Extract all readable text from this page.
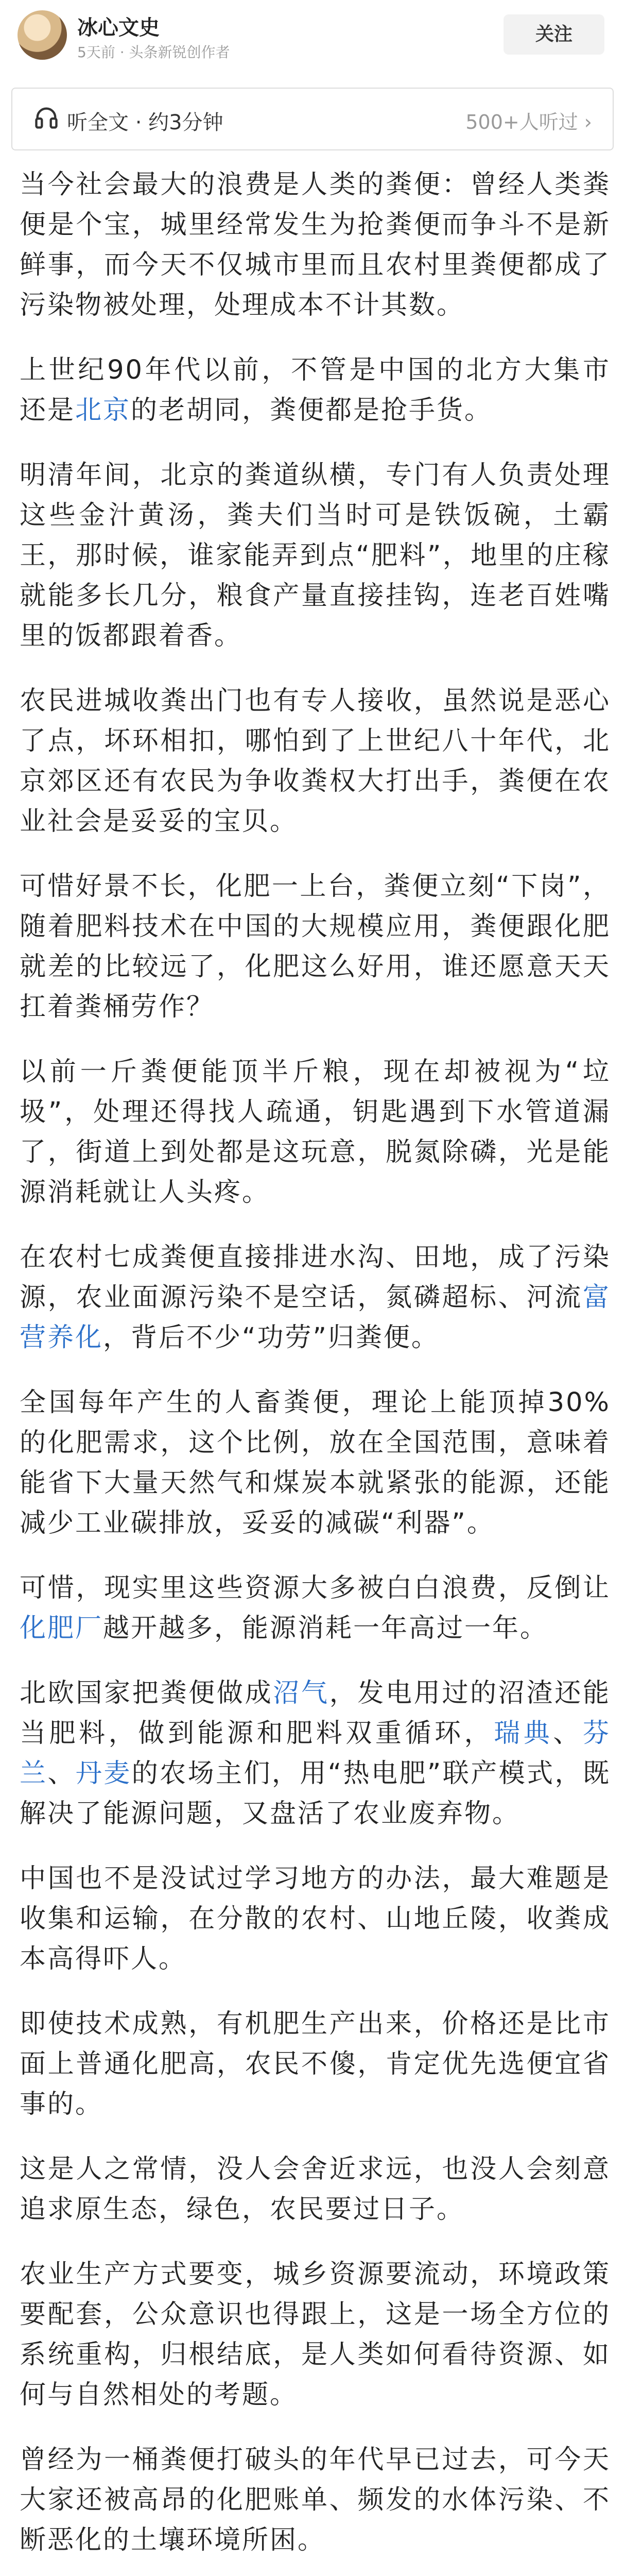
冰心文史
5天前 · 头条新锐创作者
关注
听全文 · 约3分钟	500+人听过 ›

当今社会最大的浪费是人类的粪便：曾经人类粪便是个宝，城里经常发生为抢粪便而争斗不是新鲜事，而今天不仅城市里而且农村里粪便都成了污染物被处理，处理成本不计其数。

上世纪90年代以前，不管是中国的北方大集市还是北京的老胡同，粪便都是抢手货。

明清年间，北京的粪道纵横，专门有人负责处理这些金汁黄汤，粪夫们当时可是铁饭碗，土霸王，那时候，谁家能弄到点“肥料”，地里的庄稼就能多长几分，粮食产量直接挂钩，连老百姓嘴里的饭都跟着香。

农民进城收粪出门也有专人接收，虽然说是恶心了点，坏环相扣，哪怕到了上世纪八十年代，北京郊区还有农民为争收粪权大打出手，粪便在农业社会是妥妥的宝贝。

可惜好景不长，化肥一上台，粪便立刻“下岗”，随着肥料技术在中国的大规模应用，粪便跟化肥就差的比较远了，化肥这么好用，谁还愿意天天扛着粪桶劳作？

以前一斤粪便能顶半斤粮，现在却被视为“垃圾”，处理还得找人疏通，钥匙遇到下水管道漏了，街道上到处都是这玩意，脱氮除磷，光是能源消耗就让人头疼。

在农村七成粪便直接排进水沟、田地，成了污染源，农业面源污染不是空话，氮磷超标、河流富营养化，背后不少“功劳”归粪便。

全国每年产生的人畜粪便，理论上能顶掉30%的化肥需求，这个比例，放在全国范围，意味着能省下大量天然气和煤炭本就紧张的能源，还能减少工业碳排放，妥妥的减碳“利器”。

可惜，现实里这些资源大多被白白浪费，反倒让化肥厂越开越多，能源消耗一年高过一年。

北欧国家把粪便做成沼气，发电用过的沼渣还能当肥料，做到能源和肥料双重循环，瑞典、芬兰、丹麦的农场主们，用“热电肥”联产模式，既解决了能源问题，又盘活了农业废弃物。

中国也不是没试过学习地方的办法，最大难题是收集和运输，在分散的农村、山地丘陵，收粪成本高得吓人。

即使技术成熟，有机肥生产出来，价格还是比市面上普通化肥高，农民不傻，肯定优先选便宜省事的。

这是人之常情，没人会舍近求远，也没人会刻意追求原生态，绿色，农民要过日子。

农业生产方式要变，城乡资源要流动，环境政策要配套，公众意识也得跟上，这是一场全方位的系统重构，归根结底，是人类如何看待资源、如何与自然相处的考题。

曾经为一桶粪便打破头的年代早已过去，可今天大家还被高昂的化肥账单、频发的水体污染、不断恶化的土壤环境所困。
